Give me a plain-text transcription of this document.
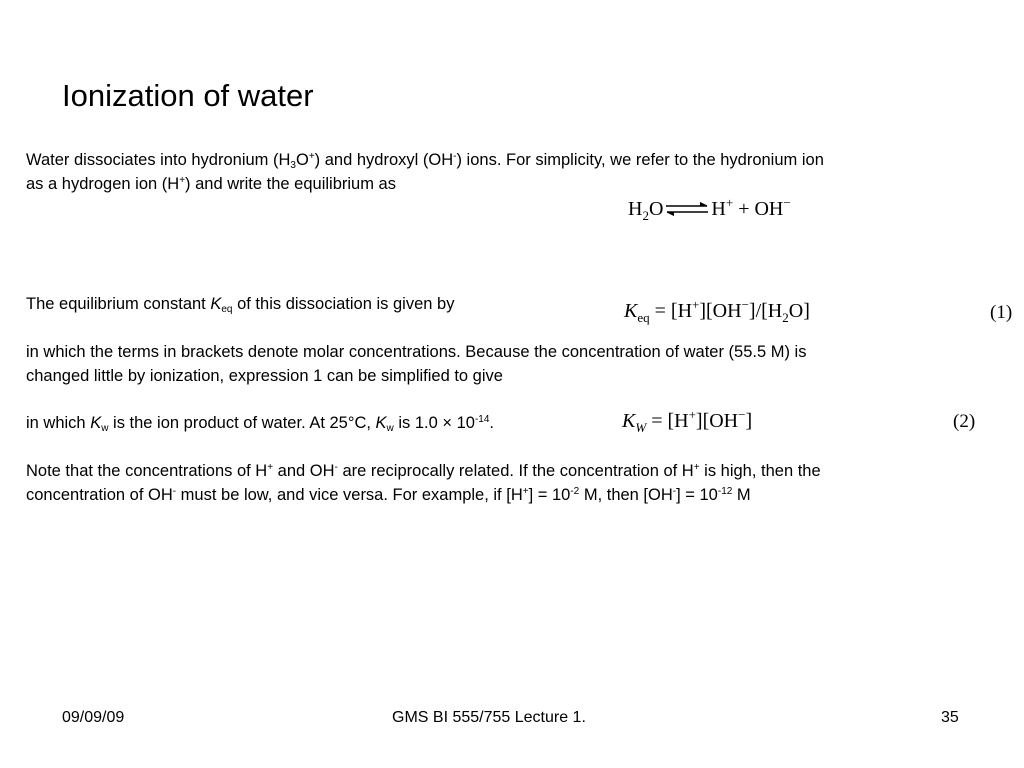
Ionization of water
Water dissociates into hydronium $(H_3O^+)$ and hydroxyl (OH-) ions. For simplicity, we refer to the hydronium ion
as a hydrogen ion (H+) and write the equilibrium as
$H_2O$ ⇌ H+ + OH−
The equilibrium constant $K_{eq}$ of this dissociation is given by	$K_{eq} = [H^+][OH^-]/[H_2O]$	(1)
in which the terms in brackets denote molar concentrations. Because the concentration of water (55.5 M) is
changed little by ionization, expression 1 can be simplified to give
in which $K_w$ is the ion product of water. At 25°C, $K_w$ is $1.0 \times 10^{-14}$.	$K_W = [H^+][OH^-]$	(2)
Note that the concentrations of H+ and OH- are reciprocally related. If the concentration of H+ is high, then the
concentration of OH- must be low, and vice versa. For example, if $[H^+] = 10^{-2}$ M, then $[OH^-] = 10^{-12}$ M
09/09/09	GMS BI 555/755 Lecture 1.	35
